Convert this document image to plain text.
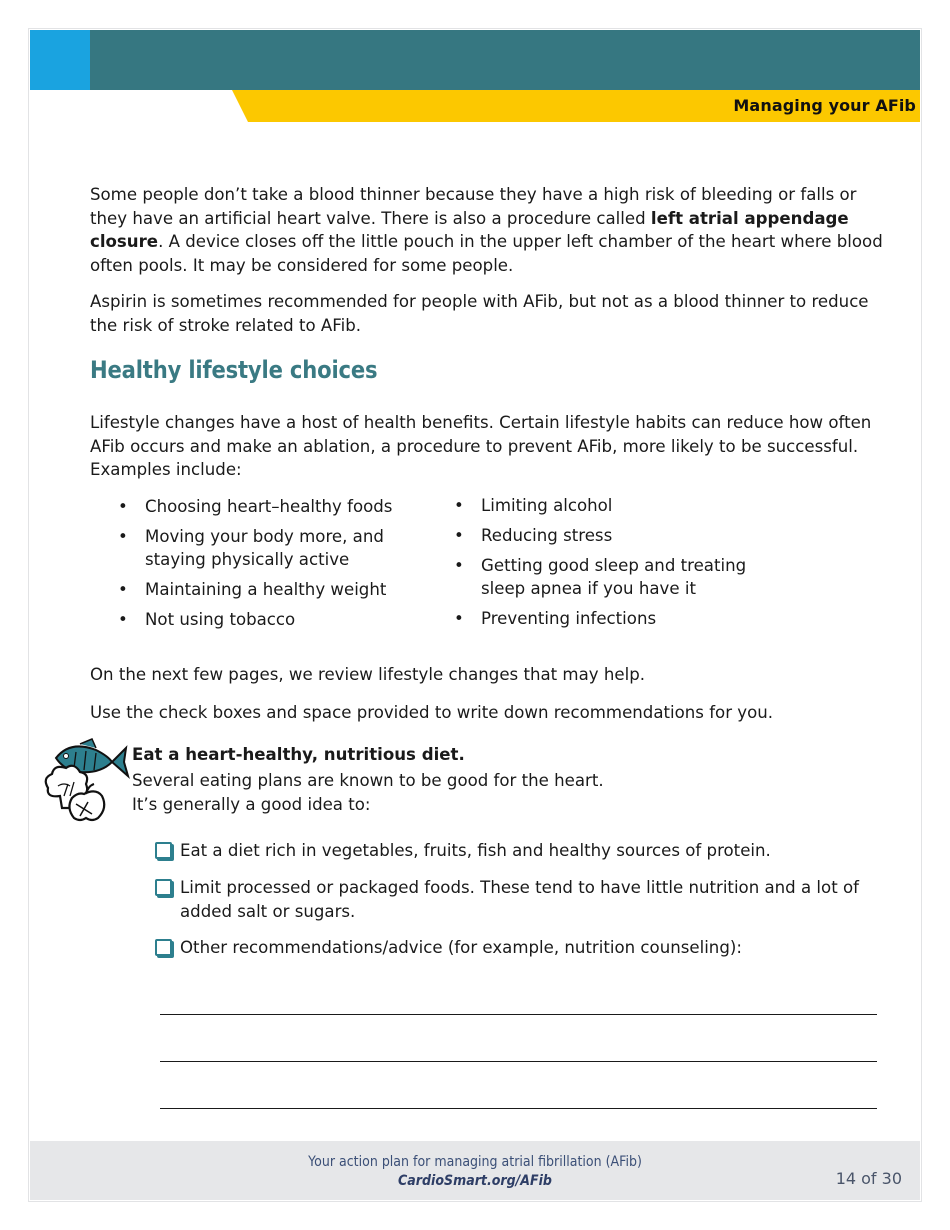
Managing your AFib

Some people don’t take a blood thinner because they have a high risk of bleeding or falls or they have an artificial heart valve. There is also a procedure called left atrial appendage closure. A device closes off the little pouch in the upper left chamber of the heart where blood often pools. It may be considered for some people.

Aspirin is sometimes recommended for people with AFib, but not as a blood thinner to reduce the risk of stroke related to AFib.

Healthy lifestyle choices

Lifestyle changes have a host of health benefits. Certain lifestyle habits can reduce how often AFib occurs and make an ablation, a procedure to prevent AFib, more likely to be successful. Examples include:

• Choosing heart–healthy foods
• Moving your body more, and staying physically active
• Maintaining a healthy weight
• Not using tobacco
• Limiting alcohol
• Reducing stress
• Getting good sleep and treating sleep apnea if you have it
• Preventing infections

On the next few pages, we review lifestyle changes that may help.

Use the check boxes and space provided to write down recommendations for you.

Eat a heart-healthy, nutritious diet.

Several eating plans are known to be good for the heart.
It’s generally a good idea to:

Eat a diet rich in vegetables, fruits, fish and healthy sources of protein.

Limit processed or packaged foods. These tend to have little nutrition and a lot of added salt or sugars.

Other recommendations/advice (for example, nutrition counseling):

Your action plan for managing atrial fibrillation (AFib)
CardioSmart.org/AFib	14 of 30
